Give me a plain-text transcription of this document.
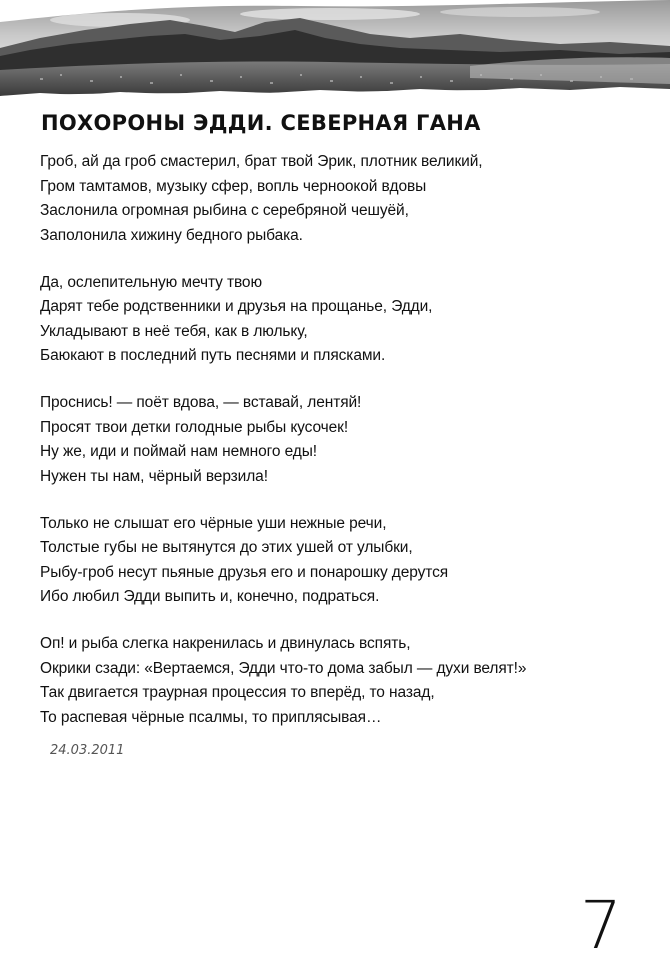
ПОХОРОНЫ ЭДДИ. СЕВЕРНАЯ ГАНА
Гроб, ай да гроб смастерил, брат твой Эрик, плотник великий,
Гром тамтамов, музыку сфер, вопль черноокой вдовы
Заслонила огромная рыбина с серебряной чешуёй,
Заполонила хижину бедного рыбака.
Да, ослепительную мечту твою
Дарят тебе родственники и друзья на прощанье, Эдди,
Укладывают в неё тебя, как в люльку,
Баюкают в последний путь песнями и плясками.
Проснись! — поёт вдова, — вставай, лентяй!
Просят твои детки голодные рыбы кусочек!
Ну же, иди и поймай нам немного еды!
Нужен ты нам, чёрный верзила!
Только не слышат его чёрные уши нежные речи,
Толстые губы не вытянутся до этих ушей от улыбки,
Рыбу-гроб несут пьяные друзья его и понарошку дерутся
Ибо любил Эдди выпить и, конечно, подраться.
Оп! и рыба слегка накренилась и двинулась вспять,
Окрики сзади: «Вертаемся, Эдди что-то дома забыл — духи велят!»
Так двигается траурная процессия то вперёд, то назад,
То распевая чёрные псалмы, то приплясывая…
24.03.2011
7
